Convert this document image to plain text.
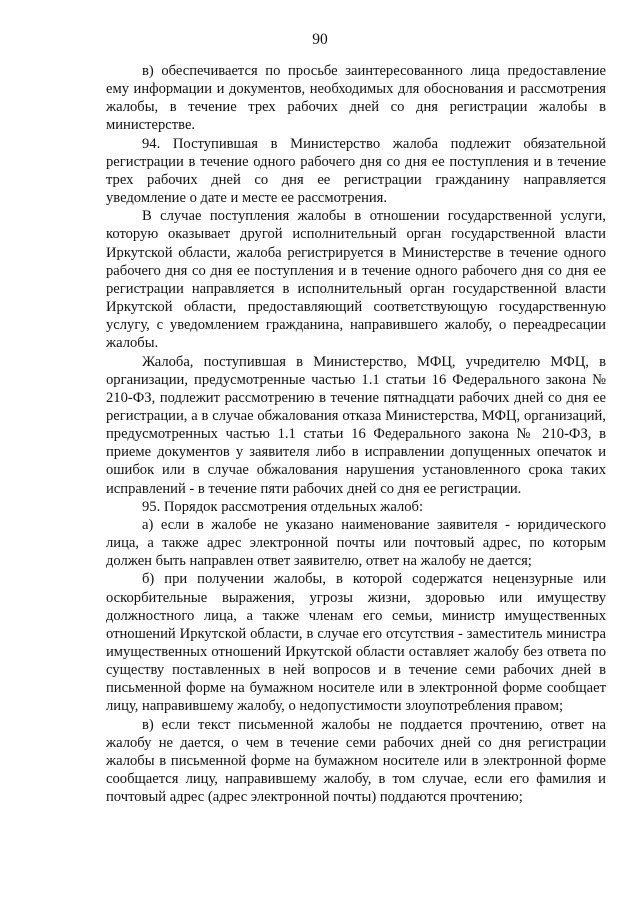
90

в) обеспечивается по просьбе заинтересованного лица предоставление ему информации и документов, необходимых для обоснования и рассмотрения жалобы, в течение трех рабочих дней со дня регистрации жалобы в министерстве.

94. Поступившая в Министерство жалоба подлежит обязательной регистрации в течение одного рабочего дня со дня ее поступления и в течение трех рабочих дней со дня ее регистрации гражданину направляется уведомление о дате и месте ее рассмотрения.

В случае поступления жалобы в отношении государственной услуги, которую оказывает другой исполнительный орган государственной власти Иркутской области, жалоба регистрируется в Министерстве в течение одного рабочего дня со дня ее поступления и в течение одного рабочего дня со дня ее регистрации направляется в исполнительный орган государственной власти Иркутской области, предоставляющий соответствующую государственную услугу, с уведомлением гражданина, направившего жалобу, о переадресации жалобы.

Жалоба, поступившая в Министерство, МФЦ, учредителю МФЦ, в организации, предусмотренные частью 1.1 статьи 16 Федерального закона № 210-ФЗ, подлежит рассмотрению в течение пятнадцати рабочих дней со дня ее регистрации, а в случае обжалования отказа Министерства, МФЦ, организаций, предусмотренных частью 1.1 статьи 16 Федерального закона № 210-ФЗ, в приеме документов у заявителя либо в исправлении допущенных опечаток и ошибок или в случае обжалования нарушения установленного срока таких исправлений - в течение пяти рабочих дней со дня ее регистрации.

95. Порядок рассмотрения отдельных жалоб:

а) если в жалобе не указано наименование заявителя - юридического лица, а также адрес электронной почты или почтовый адрес, по которым должен быть направлен ответ заявителю, ответ на жалобу не дается;

б) при получении жалобы, в которой содержатся нецензурные или оскорбительные выражения, угрозы жизни, здоровью или имуществу должностного лица, а также членам его семьи, министр имущественных отношений Иркутской области, в случае его отсутствия - заместитель министра имущественных отношений Иркутской области оставляет жалобу без ответа по существу поставленных в ней вопросов и в течение семи рабочих дней в письменной форме на бумажном носителе или в электронной форме сообщает лицу, направившему жалобу, о недопустимости злоупотребления правом;

в) если текст письменной жалобы не поддается прочтению, ответ на жалобу не дается, о чем в течение семи рабочих дней со дня регистрации жалобы в письменной форме на бумажном носителе или в электронной форме сообщается лицу, направившему жалобу, в том случае, если его фамилия и почтовый адрес (адрес электронной почты) поддаются прочтению;
